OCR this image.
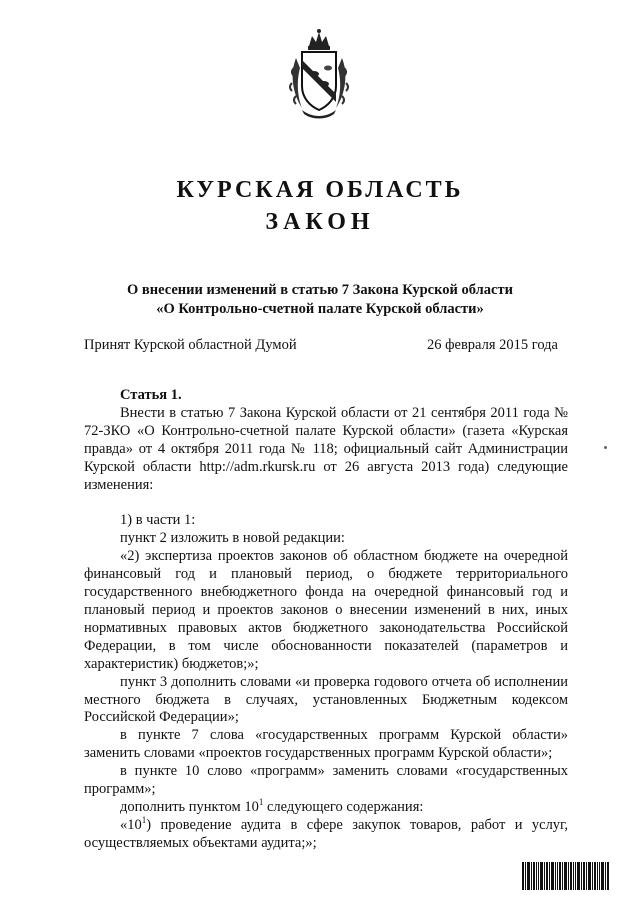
КУРСКАЯ ОБЛАСТЬ
ЗАКОН
О внесении изменений в статью 7 Закона Курской области
«О Контрольно-счетной палате Курской области»
Принят Курской областной Думой	26 февраля 2015 года

Статья 1.

Внести в статью 7 Закона Курской области от 21 сентября 2011 года № 72-ЗКО «О Контрольно-счетной палате Курской области» (газета «Курская правда» от 4 октября 2011 года № 118; официальный сайт Администрации Курской области http://adm.rkursk.ru от 26 августа 2013 года) следующие изменения:

1) в части 1:

пункт 2 изложить в новой редакции:

«2) экспертиза проектов законов об областном бюджете на очередной финансовый год и плановый период, о бюджете территориального государственного внебюджетного фонда на очередной финансовый год и плановый период и проектов законов о внесении изменений в них, иных нормативных правовых актов бюджетного законодательства Российской Федерации, в том числе обоснованности показателей (параметров и характеристик) бюджетов;»;

пункт 3 дополнить словами «и проверка годового отчета об исполнении местного бюджета в случаях, установленных Бюджетным кодексом Российской Федерации»;

в пункте 7 слова «государственных программ Курской области» заменить словами «проектов государственных программ Курской области»;

в пункте 10 слово «программ» заменить словами «государственных программ»;

дополнить пунктом $10^1$ следующего содержания:

«$10^1$) проведение аудита в сфере закупок товаров, работ и услуг, осуществляемых объектами аудита;»;
